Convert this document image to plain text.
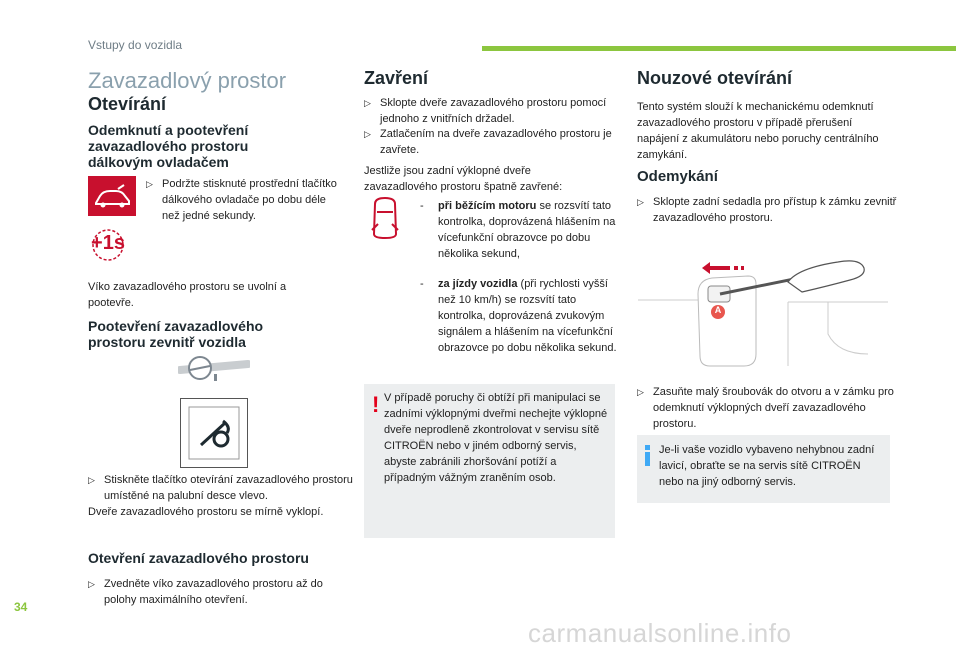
Vstupy do vozidla
Zavazadlový prostor
Otevírání
Odemknutí a pootevření zavazadlového prostoru dálkovým ovladačem
+1s
▷ Podržte stisknuté prostřední tlačítko dálkového ovladače po dobu déle než jedné sekundy.
Víko zavazadlového prostoru se uvolní a pootevře.
Pootevření zavazadlového prostoru zevnitř vozidla
▷ Stiskněte tlačítko otevírání zavazadlového prostoru umístěné na palubní desce vlevo.
Dveře zavazadlového prostoru se mírně vyklopí.
Otevření zavazadlového prostoru
▷ Zvedněte víko zavazadlového prostoru až do polohy maximálního otevření.
Zavření
▷ Sklopte dveře zavazadlového prostoru pomocí jednoho z vnitřních držadel.
▷ Zatlačením na dveře zavazadlového prostoru je zavřete.
Jestliže jsou zadní výklopné dveře zavazadlového prostoru špatně zavřené:
- při běžícím motoru se rozsvítí tato kontrolka, doprovázená hlášením na vícefunkční obrazovce po dobu několika sekund,
- za jízdy vozidla (při rychlosti vyšší než 10 km/h) se rozsvítí tato kontrolka, doprovázená zvukovým signálem a hlášením na vícefunkční obrazovce po dobu několika sekund.
! V případě poruchy či obtíží při manipulaci se zadními výklopnými dveřmi nechejte výklopné dveře neprodleně zkontrolovat v servisu sítě CITROËN nebo v jiném odborný servis, abyste zabránili zhoršování potíží a případným vážným zraněním osob.
Nouzové otevírání
Tento systém slouží k mechanickému odemknutí zavazadlového prostoru v případě přerušení napájení z akumulátoru nebo poruchy centrálního zamykání.
Odemykání
▷ Sklopte zadní sedadla pro přístup k zámku zevnitř zavazadlového prostoru.
A
▷ Zasuňte malý šroubovák do otvoru a v zámku pro odemknutí výklopných dveří zavazadlového prostoru.
Je-li vaše vozidlo vybaveno nehybnou zadní lavicí, obraťte se na servis sítě CITROËN nebo na jiný odborný servis.
34
carmanualsonline.info
